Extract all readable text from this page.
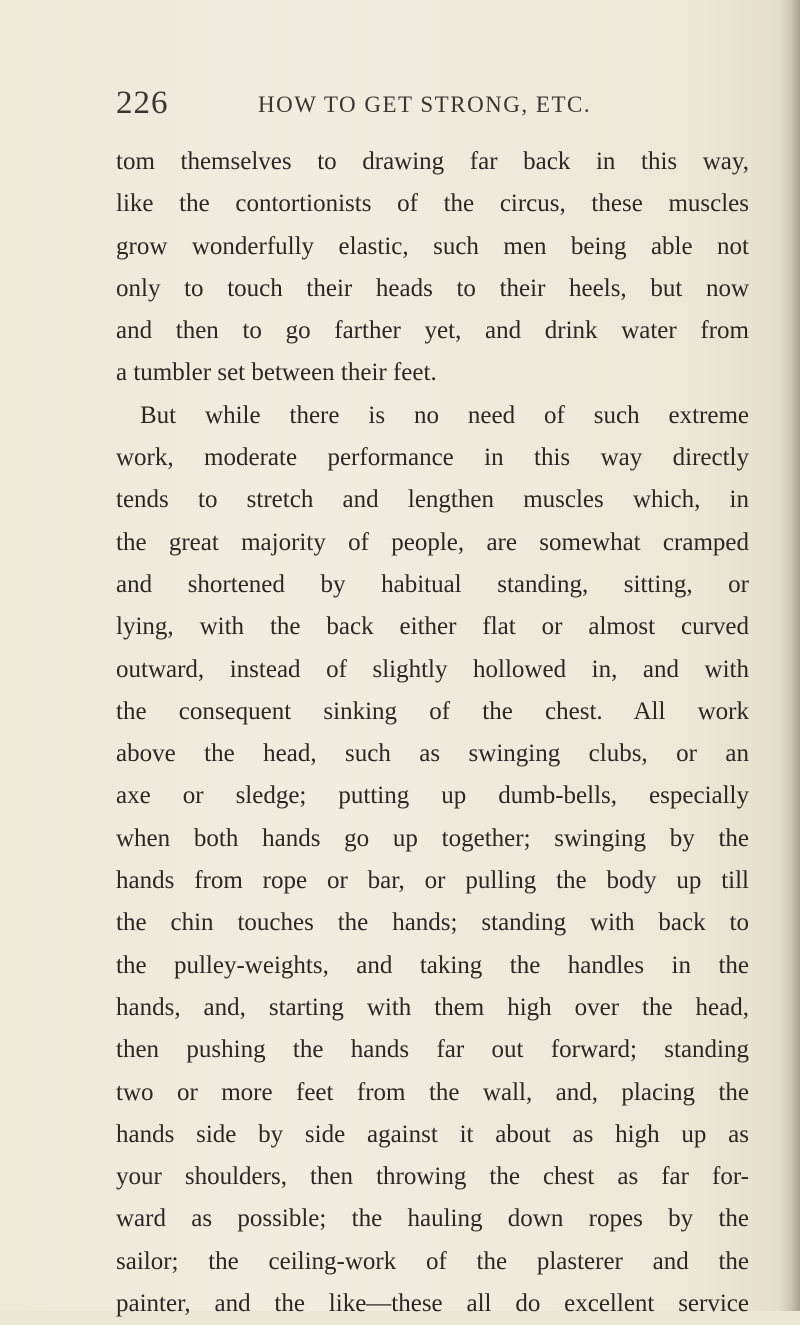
226	HOW TO GET STRONG, ETC.
tom themselves to drawing far back in this way,
like the contortionists of the circus, these muscles
grow wonderfully elastic, such men being able not
only to touch their heads to their heels, but now
and then to go farther yet, and drink water from
a tumbler set between their feet.
But while there is no need of such extreme
work, moderate performance in this way directly
tends to stretch and lengthen muscles which, in
the great majority of people, are somewhat cramped
and shortened by habitual standing, sitting, or
lying, with the back either flat or almost curved
outward, instead of slightly hollowed in, and with
the consequent sinking of the chest. All work
above the head, such as swinging clubs, or an
axe or sledge; putting up dumb-bells, especially
when both hands go up together; swinging by the
hands from rope or bar, or pulling the body up till
the chin touches the hands; standing with back to
the pulley-weights, and taking the handles in the
hands, and, starting with them high over the head,
then pushing the hands far out forward; standing
two or more feet from the wall, and, placing the
hands side by side against it about as high up as
your shoulders, then throwing the chest as far for-
ward as possible; the hauling down ropes by the
sailor; the ceiling-work of the plasterer and the
painter, and the like—these all do excellent service
